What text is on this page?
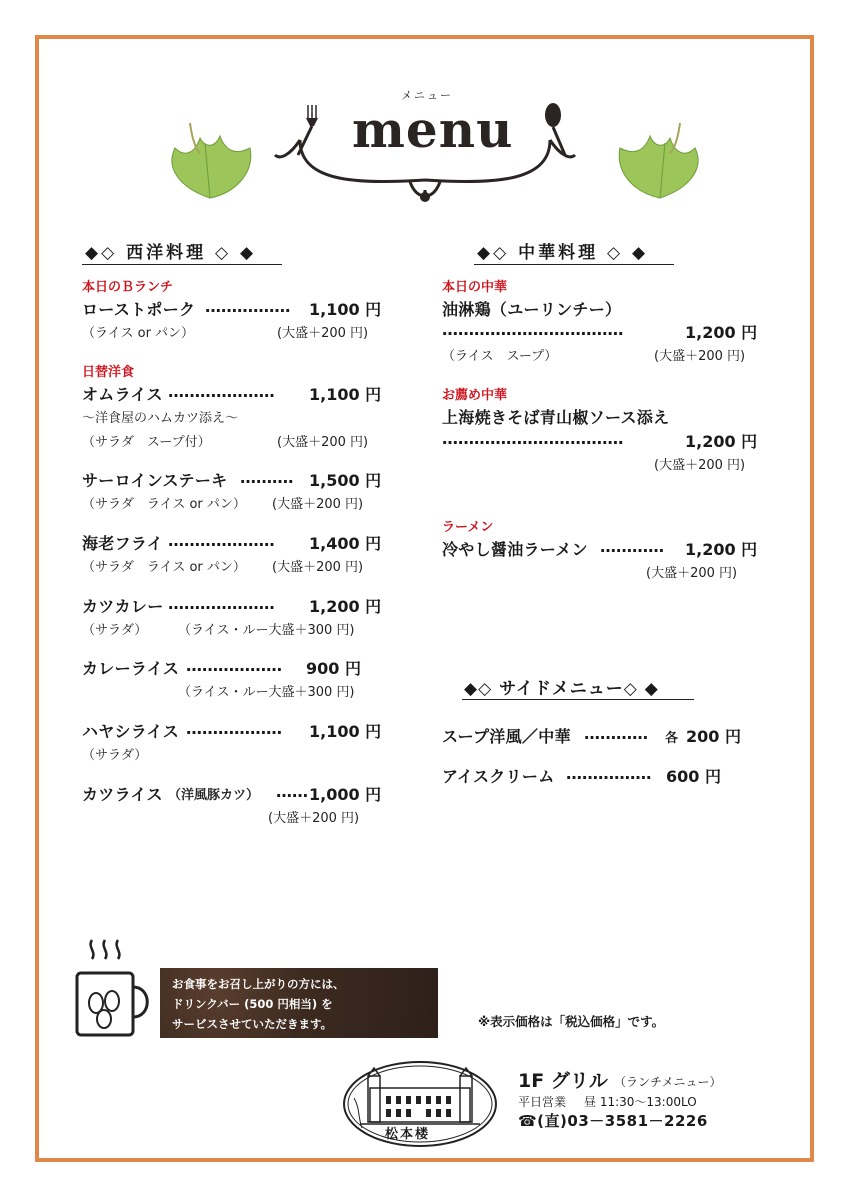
メニュー
menu
◆◇ 西洋料理 ◇ ◆
本日のＢランチ
ローストポーク ‥‥‥‥‥‥‥‥ 1,100 円
（ライス or パン）	(大盛＋200 円)
日替洋食
オムライス ‥‥‥‥‥‥‥‥‥‥ 1,100 円
～洋食屋のハムカツ添え～
（サラダ　スープ付）	(大盛＋200 円)
サーロインステーキ ‥‥‥‥‥ 1,500 円
（サラダ　ライス or パン） (大盛＋200 円)
海老フライ ‥‥‥‥‥‥‥‥‥‥ 1,400 円
（サラダ　ライス or パン） (大盛＋200 円)
カツカレー ‥‥‥‥‥‥‥‥‥‥ 1,200 円
（サラダ） （ライス・ルー大盛＋300 円)
カレーライス ‥‥‥‥‥‥‥‥‥ 900 円
（ライス・ルー大盛＋300 円)
ハヤシライス ‥‥‥‥‥‥‥‥‥ 1,100 円
（サラダ）
カツライス （洋風豚カツ） ‥‥‥ 1,000 円
(大盛＋200 円)
◆◇ 中華料理 ◇ ◆
本日の中華
油淋鶏（ユーリンチー）
‥‥‥‥‥‥‥‥‥‥‥‥‥‥‥‥‥	1,200 円
（ライス　スープ）	(大盛＋200 円)
お薦め中華
上海焼きそば青山椒ソース添え
‥‥‥‥‥‥‥‥‥‥‥‥‥‥‥‥‥	1,200 円
(大盛＋200 円)
ラーメン
冷やし醤油ラーメン ‥‥‥‥‥‥ 1,200 円
(大盛＋200 円)
◆◇ サイドメニュー◇ ◆
スープ洋風／中華 ‥‥‥‥‥‥ 各 200 円
アイスクリーム ‥‥‥‥‥‥‥‥ 600 円
お食事をお召し上がりの方には、
ドリンクバー (500 円相当) を
サービスさせていただきます。	※表示価格は「税込価格」です。
松本楼
1F グリル （ランチメニュー）
平日営業 昼 11:30～13:00LO
☎(直)03－3581－2226
